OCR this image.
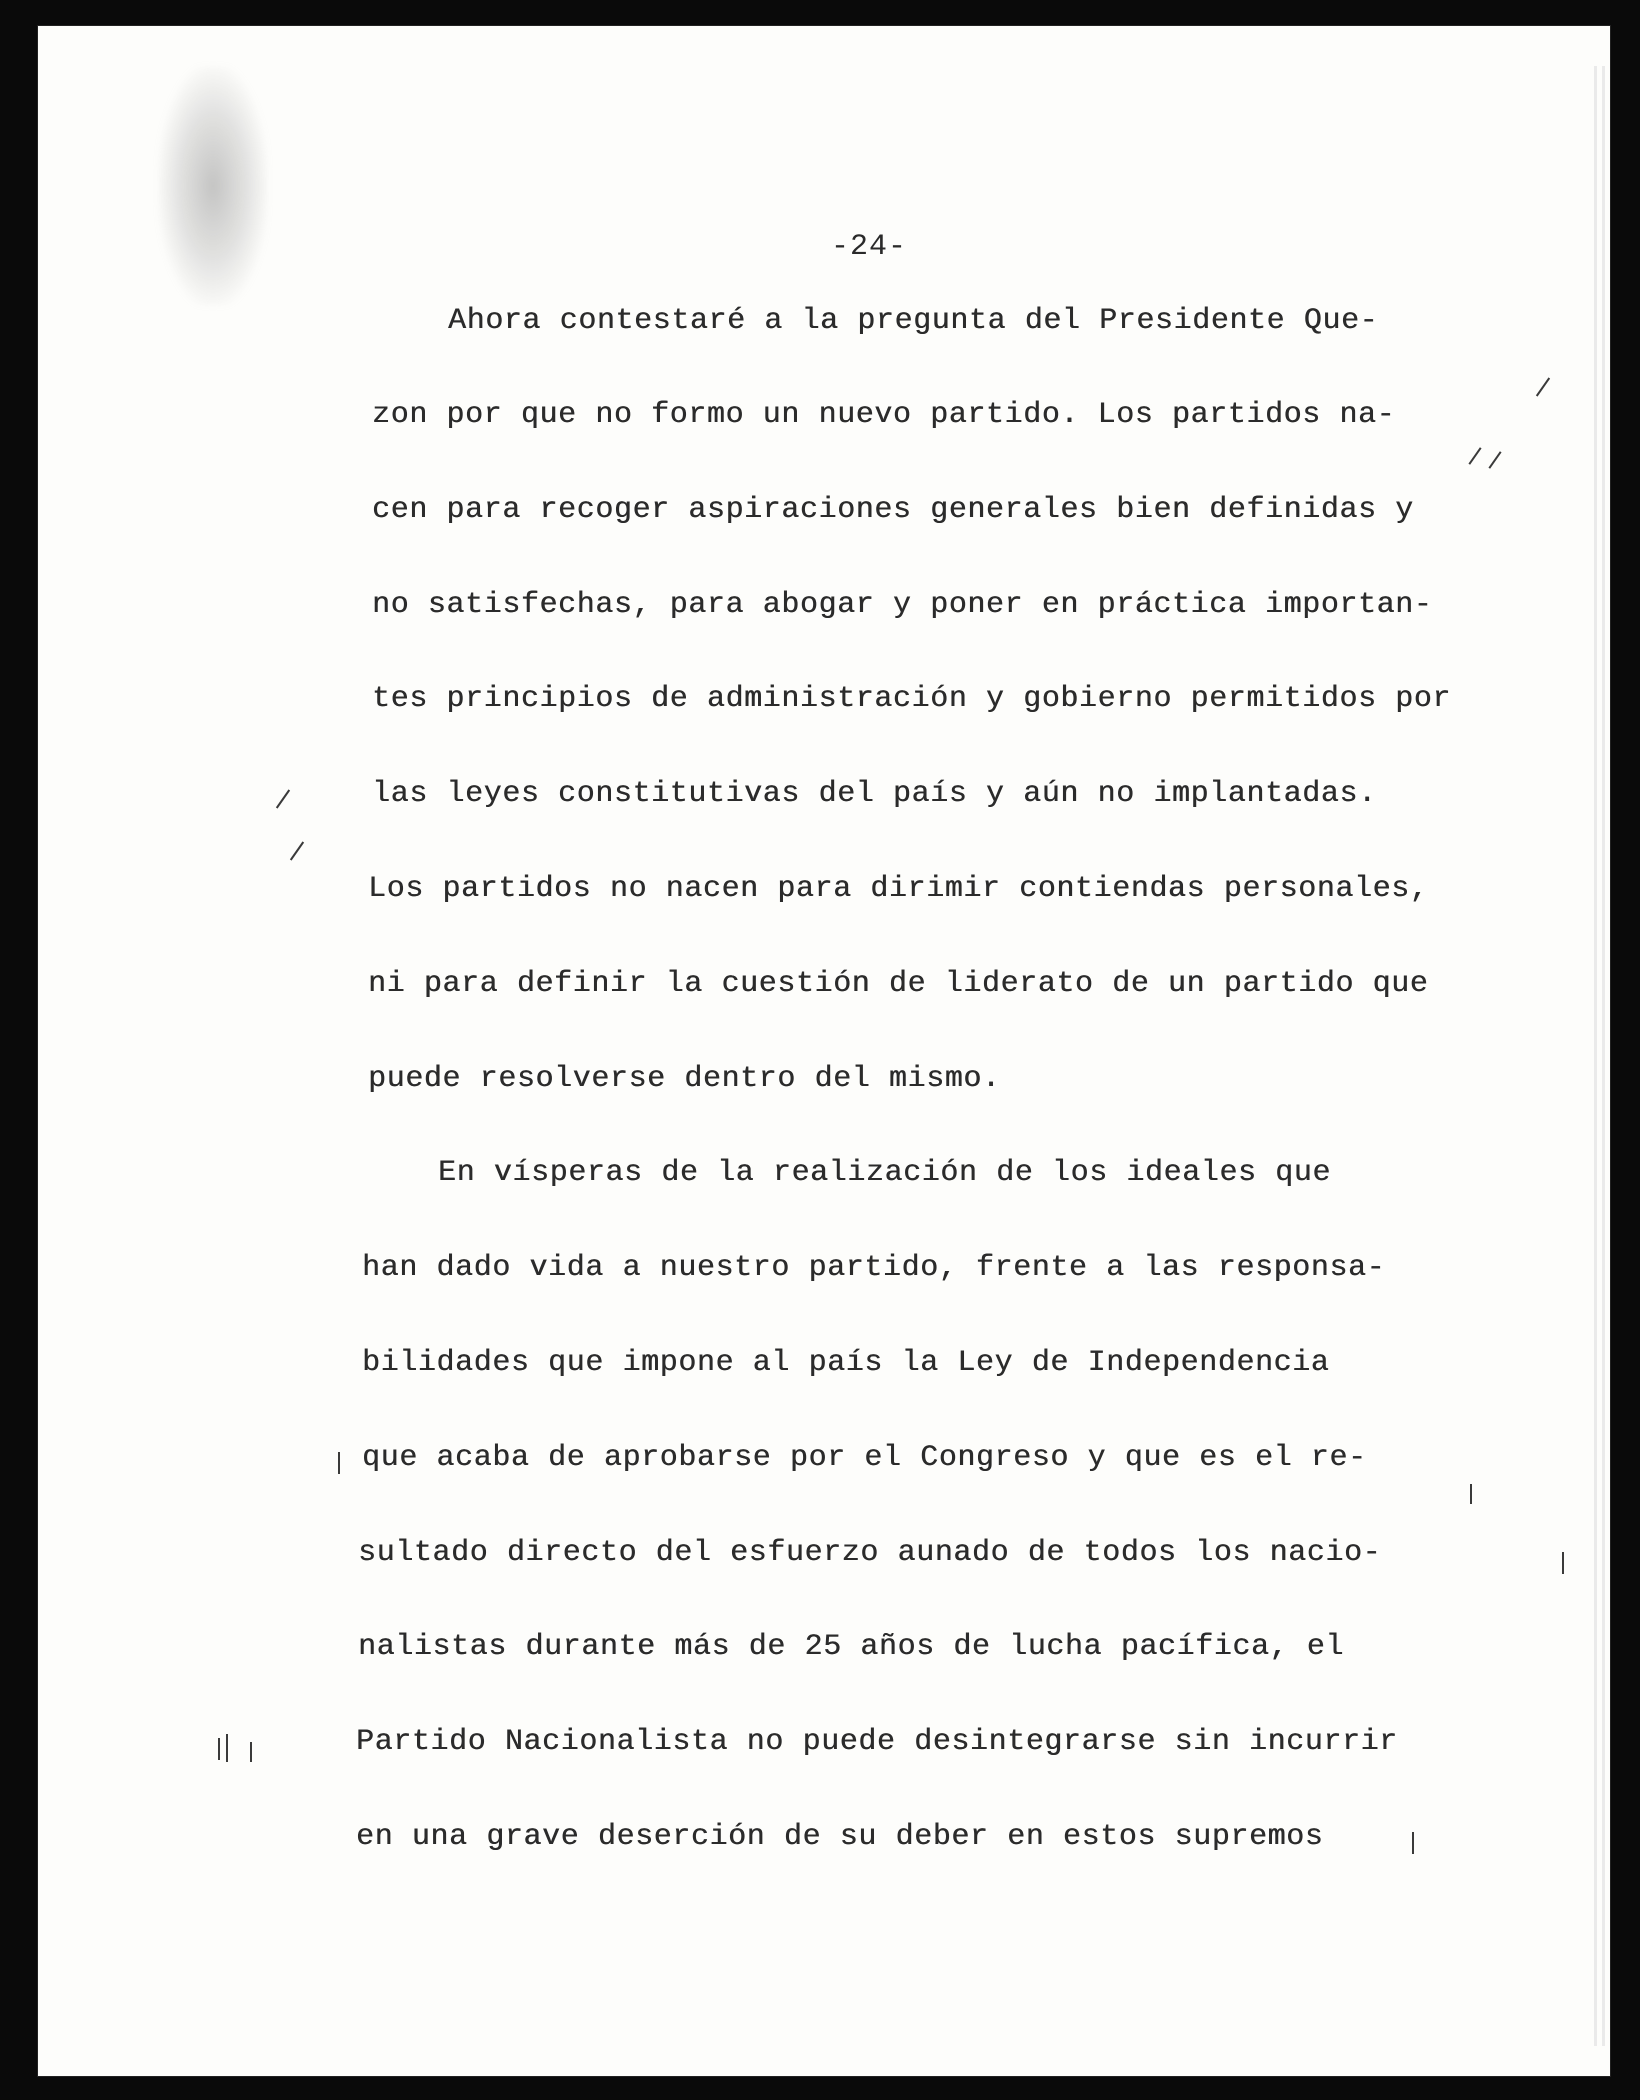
-24-
Ahora contestaré a la pregunta del Presidente Que-
zon por que no formo un nuevo partido. Los partidos na-
cen para recoger aspiraciones generales bien definidas y
no satisfechas, para abogar y poner en práctica importan-
tes principios de administración y gobierno permitidos por
las leyes constitutivas del país y aún no implantadas.
Los partidos no nacen para dirimir contiendas personales,
ni para definir la cuestión de liderato de un partido que
puede resolverse dentro del mismo.
En vísperas de la realización de los ideales que
han dado vida a nuestro partido, frente a las responsa-
bilidades que impone al país la Ley de Independencia
que acaba de aprobarse por el Congreso y que es el re-
sultado directo del esfuerzo aunado de todos los nacio-
nalistas durante más de 25 años de lucha pacífica, el
Partido Nacionalista no puede desintegrarse sin incurrir
en una grave deserción de su deber en estos supremos
